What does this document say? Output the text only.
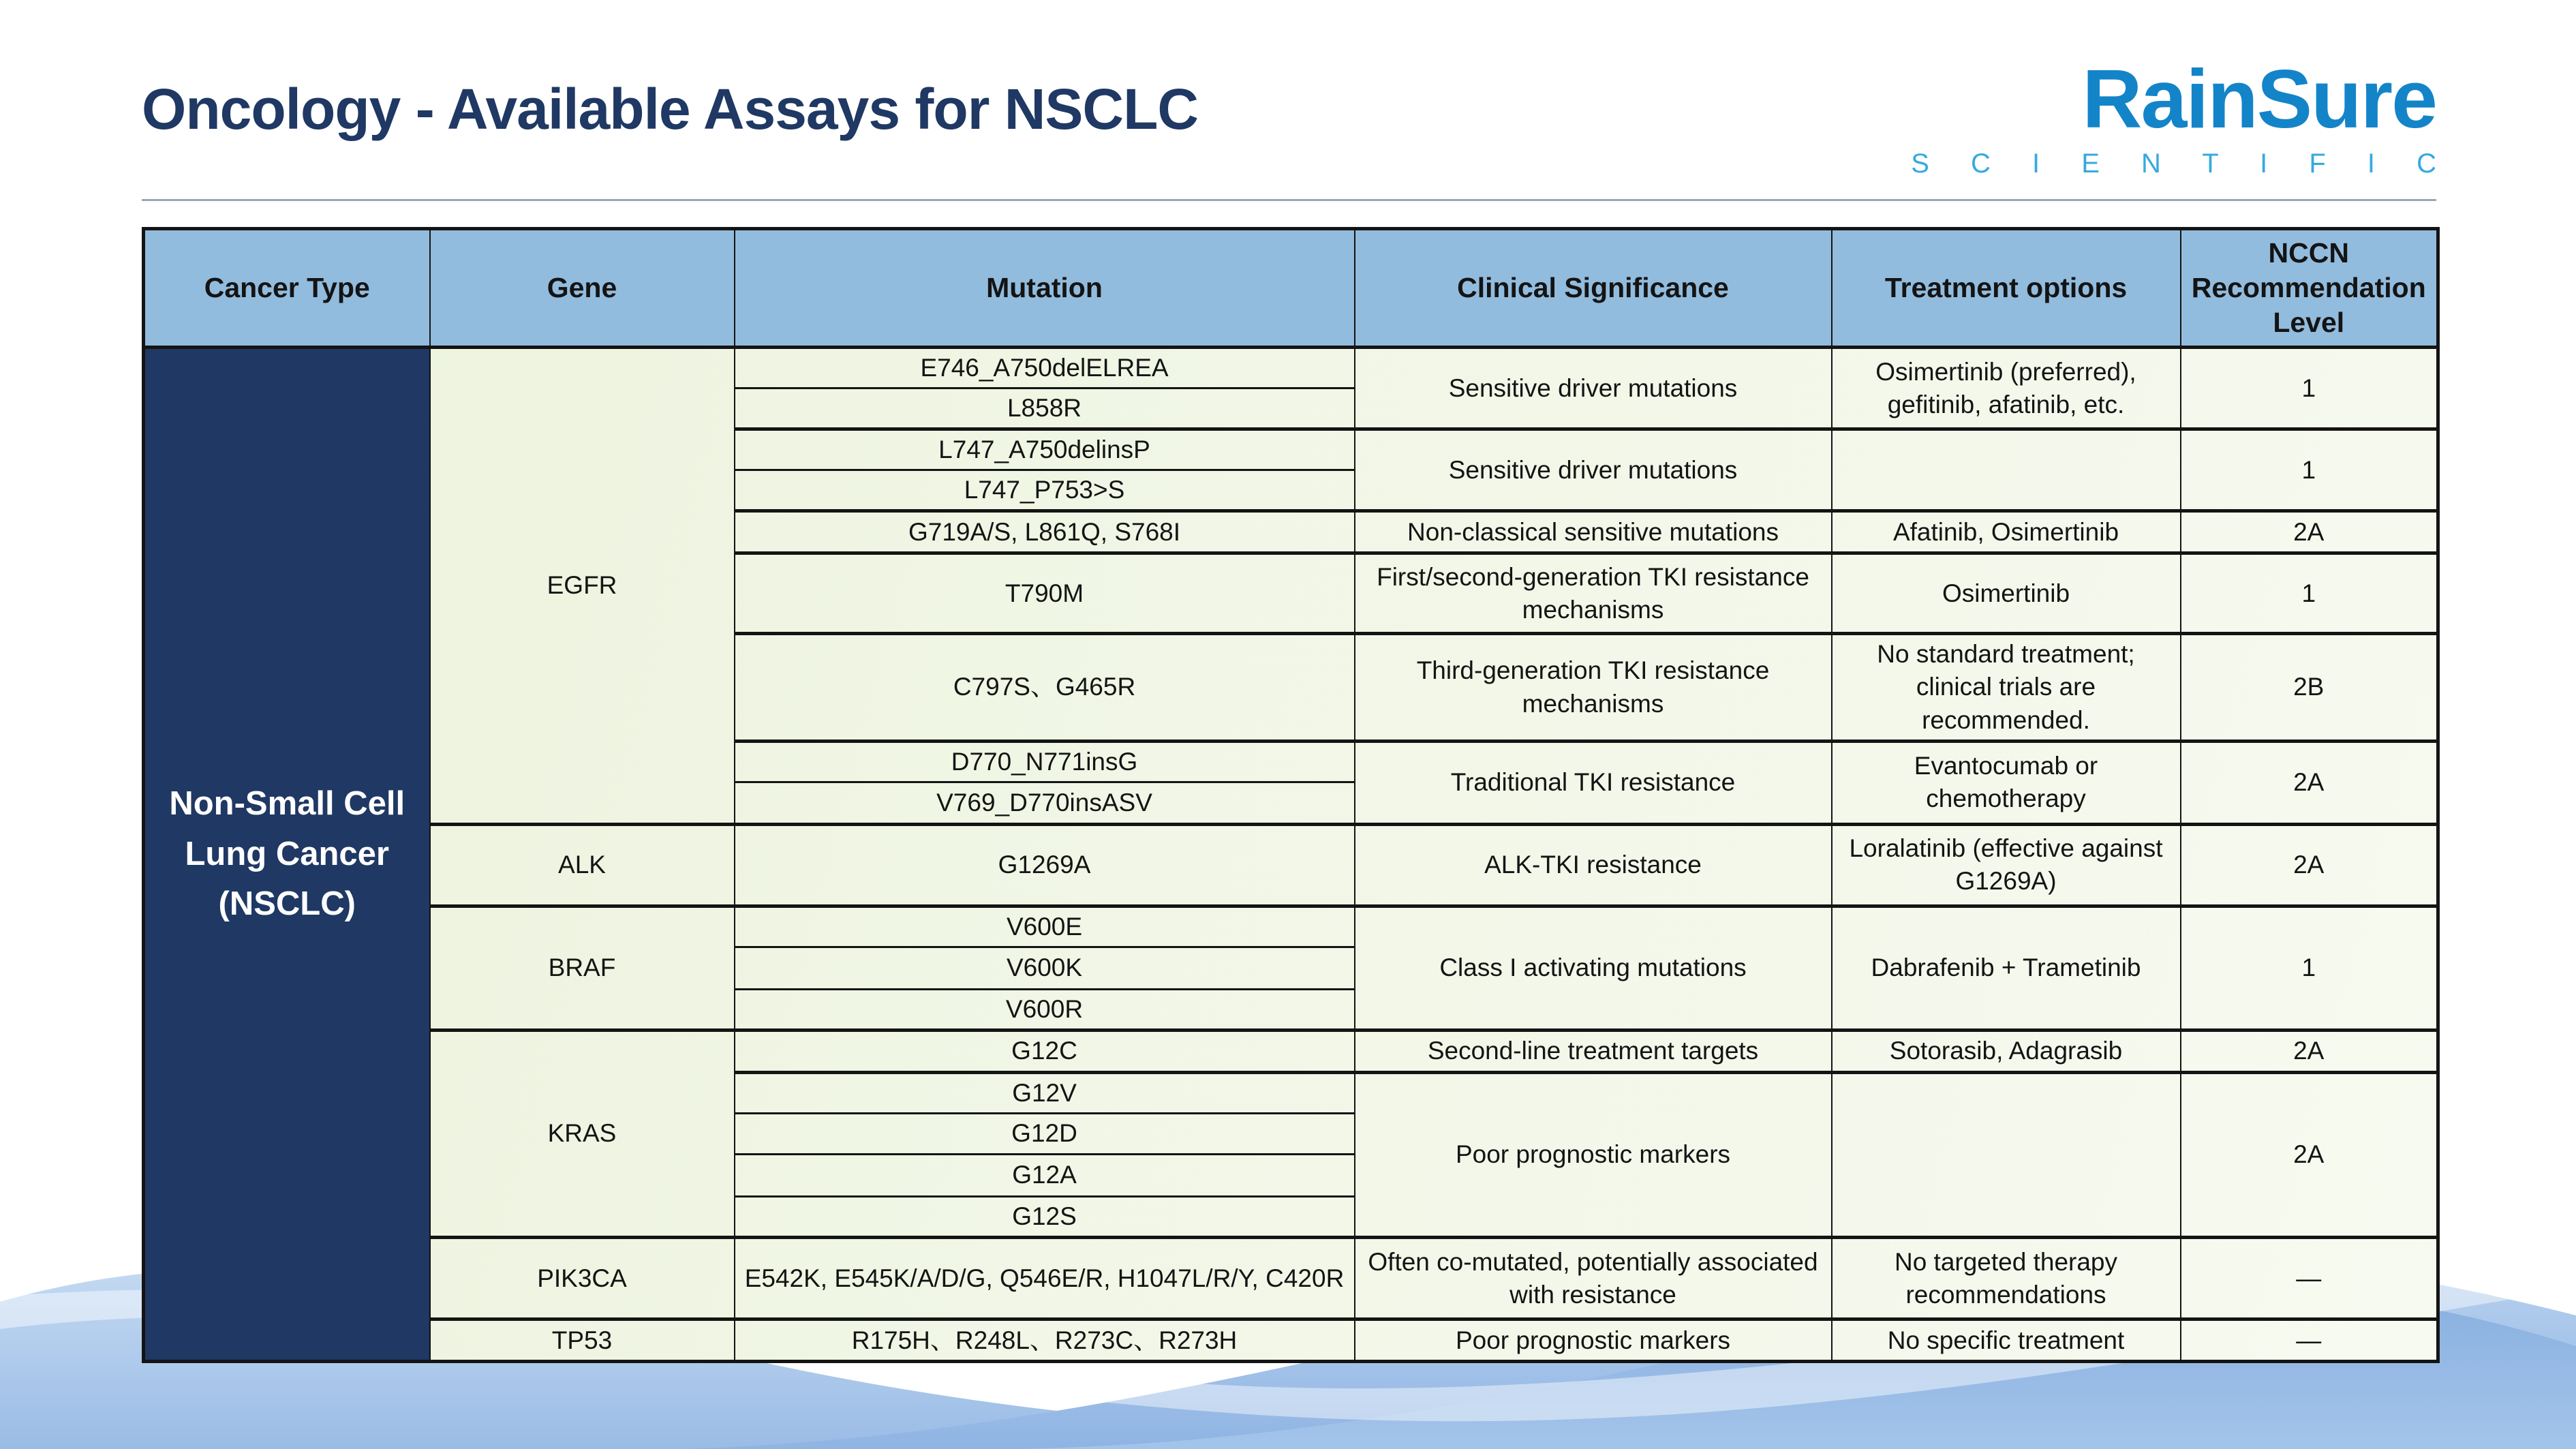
Oncology - Available Assays for NSCLC	RainSure
S C I E N T I F I C
Cancer Type	Gene	Mutation	Clinical Significance	Treatment options	NCCN Recommendation Level
Non-Small Cell Lung Cancer (NSCLC)	EGFR	E746_A750delELREA	Sensitive driver mutations	Osimertinib (preferred), gefitinib, afatinib, etc.	1
		L858R			
		L747_A750delinsP	Sensitive driver mutations		1
		L747_P753>S			
		G719A/S, L861Q, S768I	Non-classical sensitive mutations	Afatinib, Osimertinib	2A
		T790M	First/second-generation TKI resistance mechanisms	Osimertinib	1
		C797S、G465R	Third-generation TKI resistance mechanisms	No standard treatment; clinical trials are recommended.	2B
		D770_N771insG	Traditional TKI resistance	Evantocumab or chemotherapy	2A
		V769_D770insASV			
	ALK	G1269A	ALK-TKI resistance	Loralatinib (effective against G1269A)	2A
	BRAF	V600E	Class I activating mutations	Dabrafenib + Trametinib	1
		V600K			
		V600R			
	KRAS	G12C	Second-line treatment targets	Sotorasib, Adagrasib	2A
		G12V	Poor prognostic markers		2A
		G12D			
		G12A			
		G12S			
	PIK3CA	E542K, E545K/A/D/G, Q546E/R, H1047L/R/Y, C420R	Often co-mutated, potentially associated with resistance	No targeted therapy recommendations	—
	TP53	R175H、R248L、R273C、R273H	Poor prognostic markers	No specific treatment	—
